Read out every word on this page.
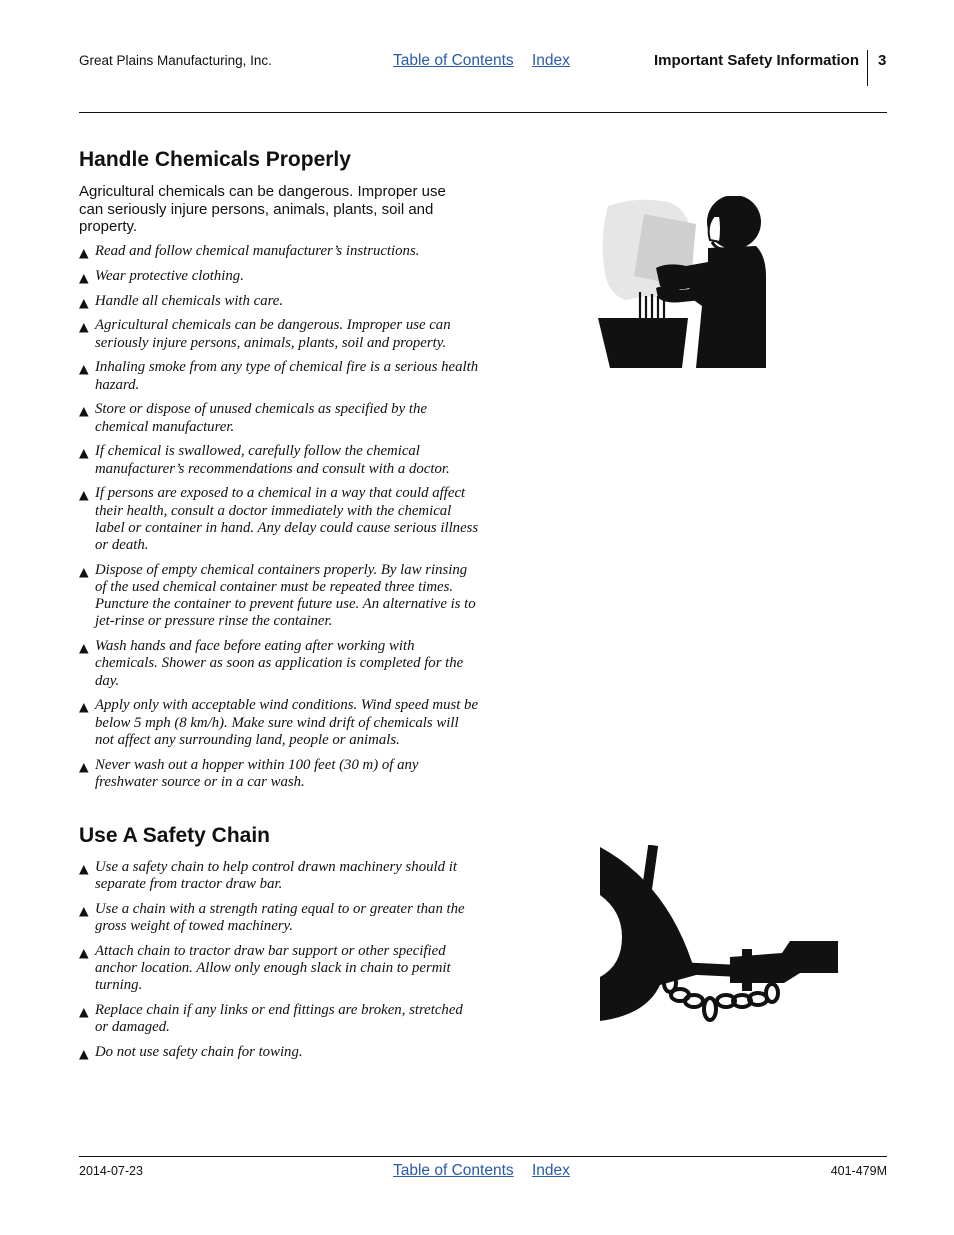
Great Plains Manufacturing, Inc.	Table of Contents Index	Important Safety Information 3
Handle Chemicals Properly

Agricultural chemicals can be dangerous. Improper use can seriously injure persons, animals, plants, soil and property.

▲ Read and follow chemical manufacturer’s instructions.
▲ Wear protective clothing.
▲ Handle all chemicals with care.
▲ Agricultural chemicals can be dangerous. Improper use can seriously injure persons, animals, plants, soil and property.
▲ Inhaling smoke from any type of chemical fire is a serious health hazard.
▲ Store or dispose of unused chemicals as specified by the chemical manufacturer.
▲ If chemical is swallowed, carefully follow the chemical manufacturer’s recommendations and consult with a doctor.
▲ If persons are exposed to a chemical in a way that could affect their health, consult a doctor immediately with the chemical label or container in hand. Any delay could cause serious illness or death.
▲ Dispose of empty chemical containers properly. By law rinsing of the used chemical container must be repeated three times. Puncture the container to prevent future use. An alternative is to jet-rinse or pressure rinse the container.
▲ Wash hands and face before eating after working with chemicals. Shower as soon as application is completed for the day.
▲ Apply only with acceptable wind conditions. Wind speed must be below 5 mph (8 km/h). Make sure wind drift of chemicals will not affect any surrounding land, people or animals.
▲ Never wash out a hopper within 100 feet (30 m) of any freshwater source or in a car wash.
Use A Safety Chain
▲ Use a safety chain to help control drawn machinery should it separate from tractor draw bar.
▲ Use a chain with a strength rating equal to or greater than the gross weight of towed machinery.
▲ Attach chain to tractor draw bar support or other specified anchor location. Allow only enough slack in chain to permit turning.
▲ Replace chain if any links or end fittings are broken, stretched or damaged.
▲ Do not use safety chain for towing.
2014-07-23	Table of Contents Index	401-479M
